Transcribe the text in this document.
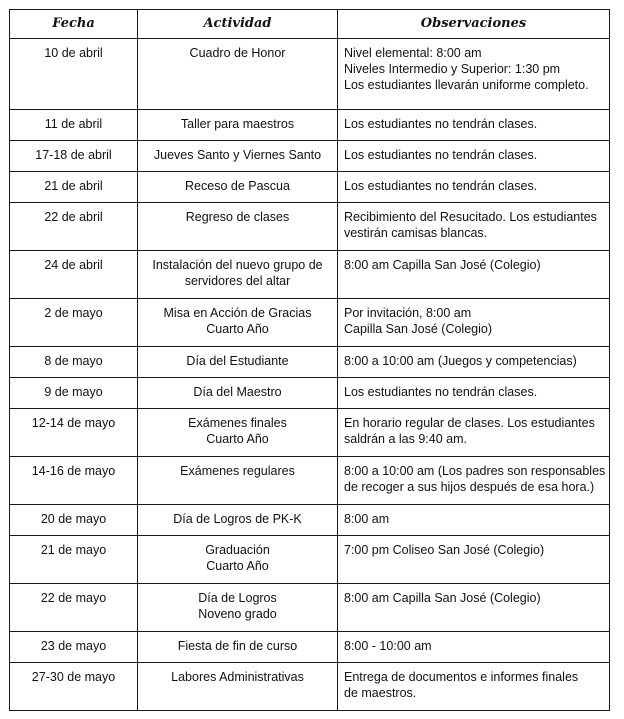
Fecha	Actividad	Observaciones
10 de abril	Cuadro de Honor	Nivel elemental: 8:00 am
Niveles Intermedio y Superior: 1:30 pm
Los estudiantes llevarán uniforme completo.

11 de abril	Taller para maestros	Los estudiantes no tendrán clases.

17-18 de abril	Jueves Santo y Viernes Santo	Los estudiantes no tendrán clases.

21 de abril	Receso de Pascua	Los estudiantes no tendrán clases.

22 de abril	Regreso de clases	Recibimiento del Resucitado. Los estudiantes
vestirán camisas blancas.

24 de abril	Instalación del nuevo grupo de
servidores del altar	8:00 am Capilla San José (Colegio)

2 de mayo	Misa en Acción de Gracias
Cuarto Año	Por invitación, 8:00 am
Capilla San José (Colegio)

8 de mayo	Día del Estudiante	8:00 a 10:00 am (Juegos y competencias)

9 de mayo	Día del Maestro	Los estudiantes no tendrán clases.

12-14 de mayo	Exámenes finales
Cuarto Año	En horario regular de clases. Los estudiantes
saldrán a las 9:40 am.

14-16 de mayo	Exámenes regulares	8:00 a 10:00 am (Los padres son responsables
de recoger a sus hijos después de esa hora.)

20 de mayo	Día de Logros de PK-K	8:00 am

21 de mayo	Graduación
Cuarto Año	7:00 pm Coliseo San José (Colegio)

22 de mayo	Día de Logros
Noveno grado	8:00 am Capilla San José (Colegio)

23 de mayo	Fiesta de fin de curso	8:00 - 10:00 am

27-30 de mayo	Labores Administrativas	Entrega de documentos e informes finales
de maestros.
